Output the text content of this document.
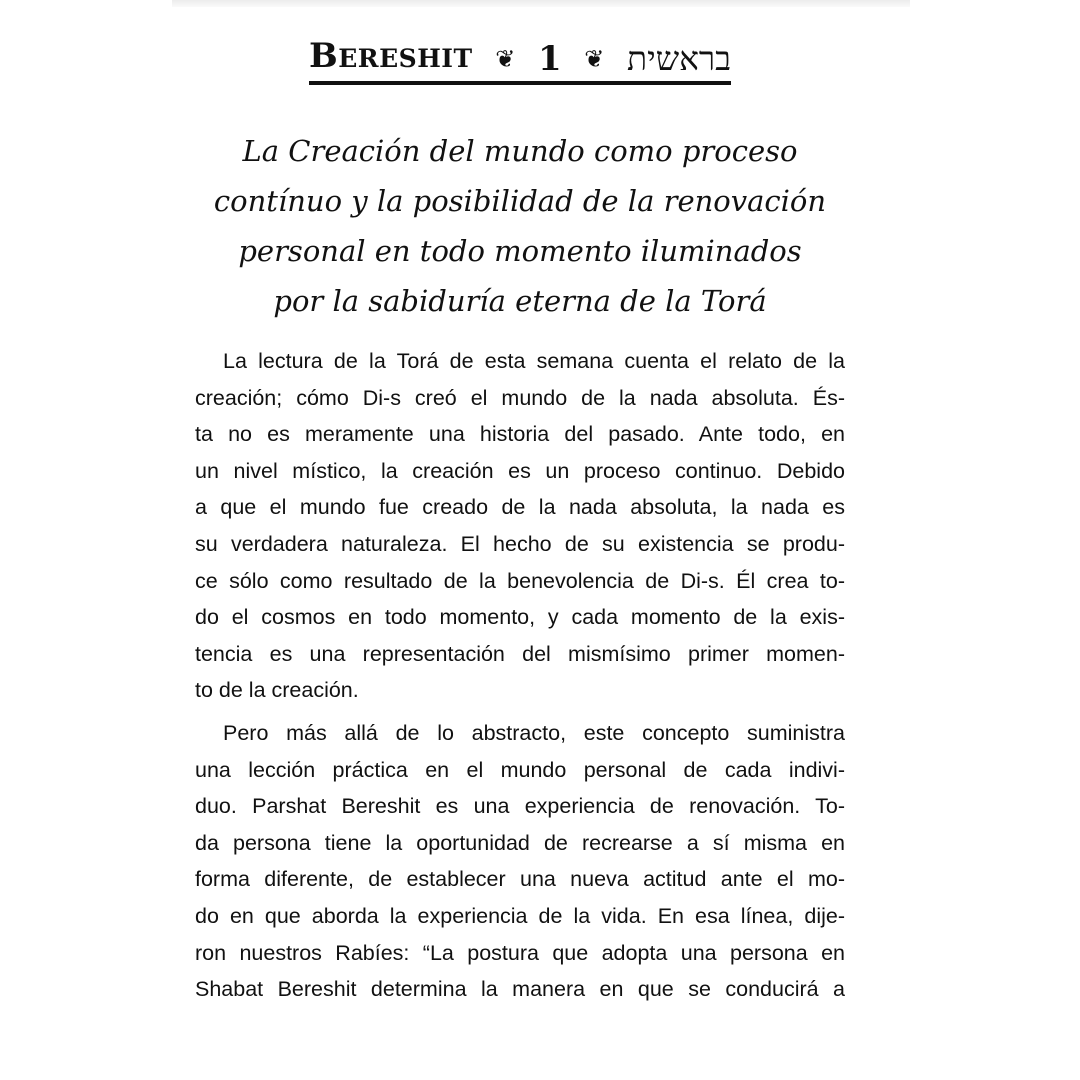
BERESHIT ❦ 1 ❦ בראשית
La Creación del mundo como proceso
contínuo y la posibilidad de la renovación
personal en todo momento iluminados
por la sabiduría eterna de la Torá
La lectura de la Torá de esta semana cuenta el relato de la
creación; cómo Di-s creó el mundo de la nada absoluta. És-
ta no es meramente una historia del pasado. Ante todo, en
un nivel místico, la creación es un proceso continuo. Debido
a que el mundo fue creado de la nada absoluta, la nada es
su verdadera naturaleza. El hecho de su existencia se produ-
ce sólo como resultado de la benevolencia de Di-s. Él crea to-
do el cosmos en todo momento, y cada momento de la exis-
tencia es una representación del mismísimo primer momen-
to de la creación.
Pero más allá de lo abstracto, este concepto suministra
una lección práctica en el mundo personal de cada indivi-
duo. Parshat Bereshit es una experiencia de renovación. To-
da persona tiene la oportunidad de recrearse a sí misma en
forma diferente, de establecer una nueva actitud ante el mo-
do en que aborda la experiencia de la vida. En esa línea, dije-
ron nuestros Rabíes: “La postura que adopta una persona en
Shabat Bereshit determina la manera en que se conducirá a
